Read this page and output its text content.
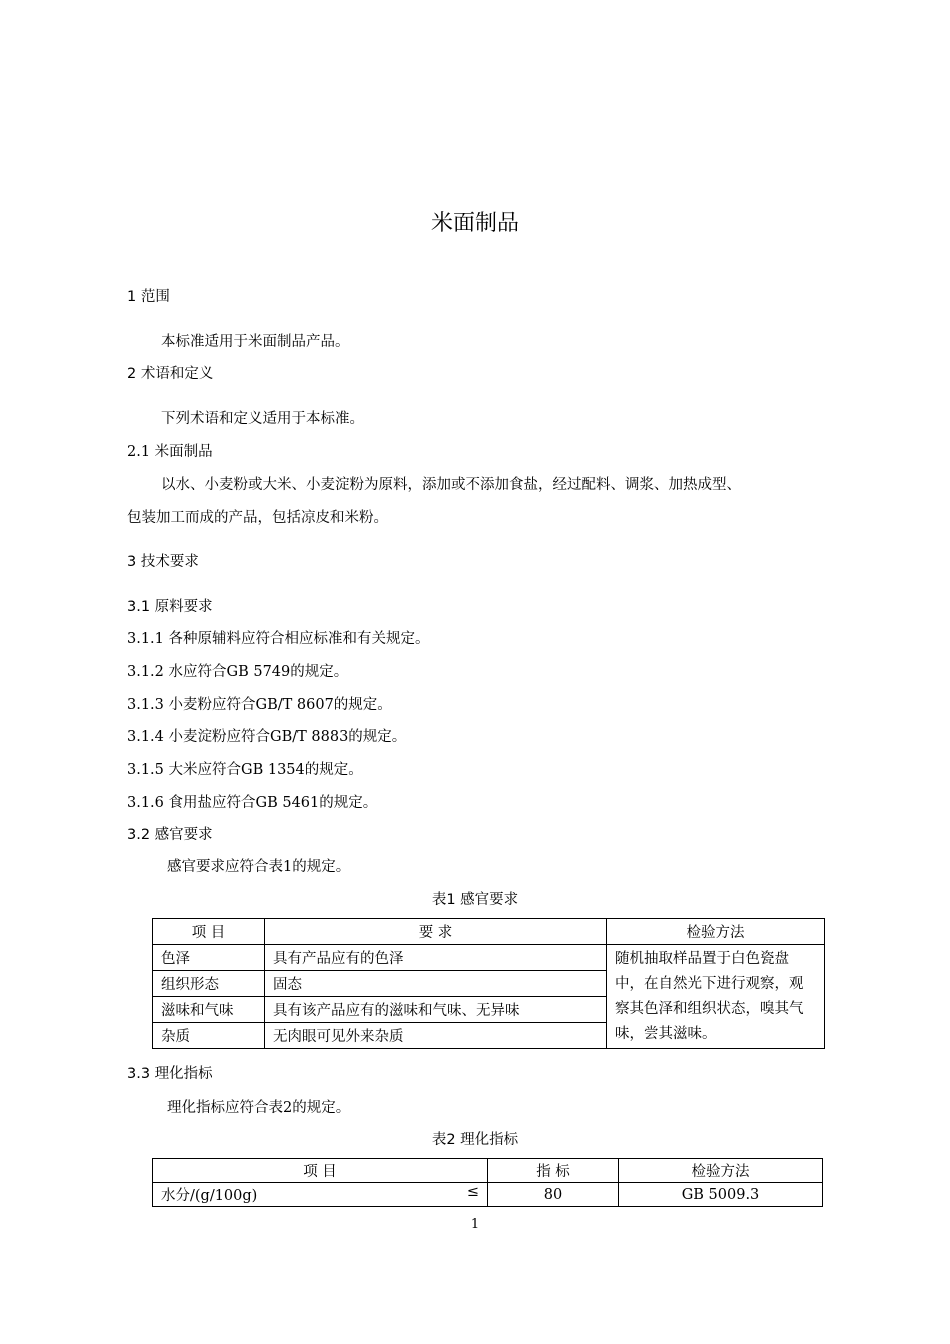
米面制品
1 范围
本标准适用于米面制品产品。
2 术语和定义
下列术语和定义适用于本标准。
2.1 米面制品
以水、小麦粉或大米、小麦淀粉为原料，添加或不添加食盐，经过配料、调浆、加热成型、
包装加工而成的产品，包括凉皮和米粉。
3 技术要求
3.1 原料要求
3.1.1 各种原辅料应符合相应标准和有关规定。
3.1.2 水应符合GB 5749的规定。
3.1.3 小麦粉应符合GB/T 8607的规定。
3.1.4 小麦淀粉应符合GB/T 8883的规定。
3.1.5 大米应符合GB 1354的规定。
3.1.6 食用盐应符合GB 5461的规定。
3.2 感官要求
感官要求应符合表1的规定。
表1 感官要求
项 目	要 求	检验方法
色泽	具有产品应有的色泽	随机抽取样品置于白色瓷盘中，在自然光下进行观察，观察其色泽和组织状态，嗅其气味，尝其滋味。
组织形态	固态	
滋味和气味	具有该产品应有的滋味和气味、无异味	
杂质	无肉眼可见外来杂质	
3.3 理化指标
理化指标应符合表2的规定。
表2 理化指标
项 目	指 标	检验方法
水分/(g/100g) ≤	80	GB 5009.3
1
